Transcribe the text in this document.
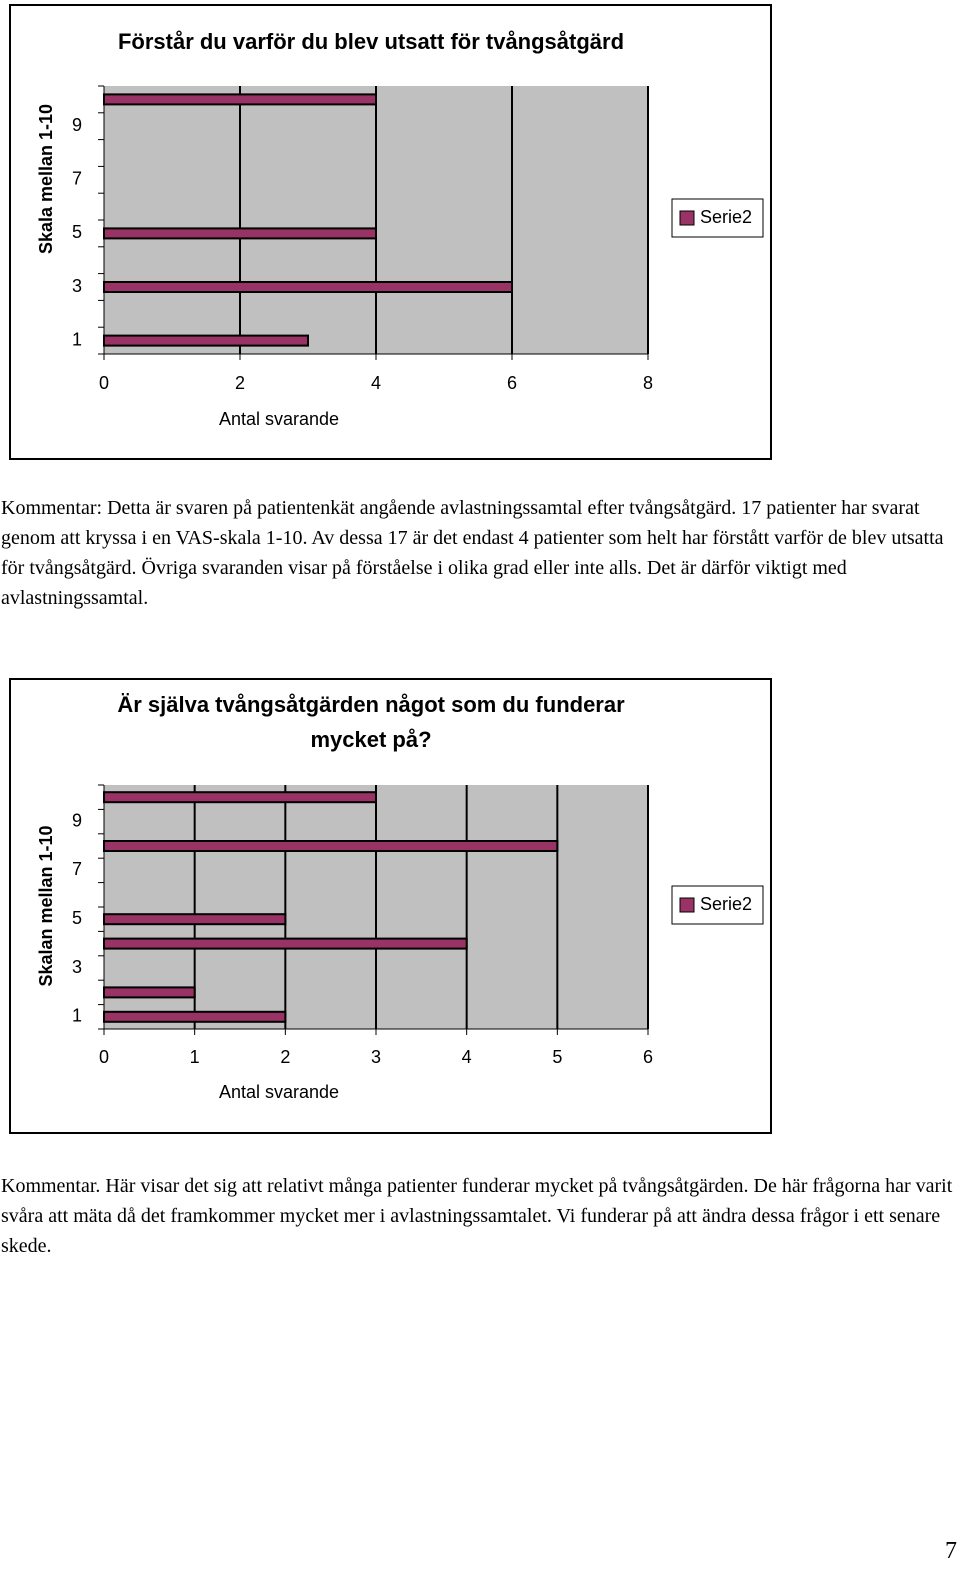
Förstår du varför du blev utsatt för tvångsåtgärd
0	2	4	6	8
1
3
5
7
9
Antal svarande
Skala mellan 1-10	Serie2

Kommentar: Detta är svaren på patientenkät angående avlastningssamtal efter tvångsåtgärd. 17 patienter har svarat genom att kryssa i en VAS-skala 1-10. Av dessa 17 är det endast 4 patienter som helt har förstått varför de blev utsatta för tvångsåtgärd. Övriga svaranden visar på förståelse i olika grad eller inte alls. Det är därför viktigt med avlastningssamtal.

Är själva tvångsåtgärden något som du funderar
mycket på?
0	1	2	3	4	5	6
1
3
5
7
9
Antal svarande
Skalan mellan 1-10	Serie2

Kommentar. Här visar det sig att relativt många patienter funderar mycket på tvångsåtgärden. De här frågorna har varit svåra att mäta då det framkommer mycket mer i avlastningssamtalet. Vi funderar på att ändra dessa frågor i ett senare skede.

7
